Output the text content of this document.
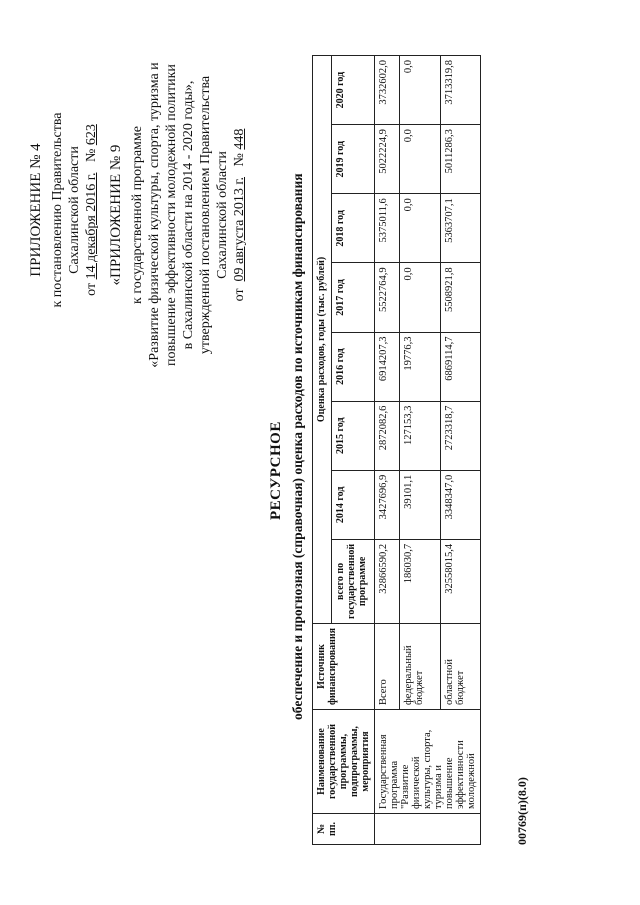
ПРИЛОЖЕНИЕ № 4 к постановлению Правительства Сахалинской области
от 14 декабря 2016 г.   № 623
«ПРИЛОЖЕНИЕ № 9 к государственной программе «Развитие физической культуры, спорта, туризма и повышение эффективности молодежной политики в Сахалинской области на 2014 - 2020 годы», утвержденной постановлением Правительства Сахалинской области
от  09 августа 2013 г.   № 448
РЕСУРСНОЕ обеспечение и прогнозная (справочная) оценка расходов по источникам финансирования
№ пп.	Наименование государственной программы, подпрограммы, мероприятия	Источник финансирования	Оценка расходов, годы (тыс. рублей)							
			всего по государственной программе	2014 год	2015 год	2016 год	2017 год	2018 год	2019 год	2020 год
	Государственная программа "Развитие физической культуры, спорта, туризма и повышение эффективности молодежной	Всего	32866590,2	3427696,9	2872082,6	6914207,3	5522764,9	5375011,6	5022224,9	3732602,0
		федеральный бюджет	186030,7	39101,1	127153,3	19776,3	0,0	0,0	0,0	0,0
		областной бюджет	32558015,4	3348347,0	2723318,7	6869114,7	5508921,8	5363707,1	5011286,3	3713319,8
00769(п)(8.0)
